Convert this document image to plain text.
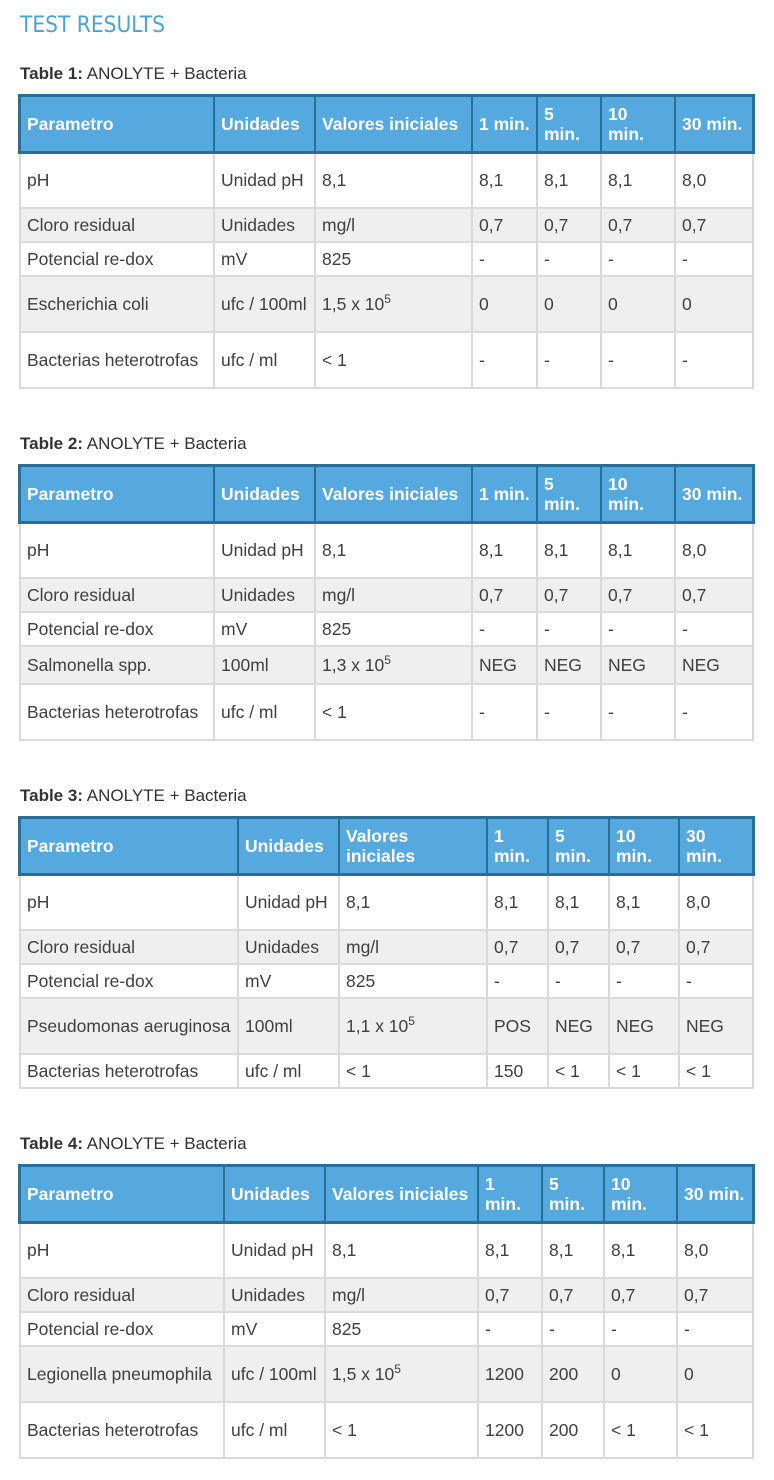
TEST RESULTS
Table 1: ANOLYTE + Bacteria
Parametro	Unidades	Valores iniciales	1 min.	5 min.	10 min.	30 min.
pH	Unidad pH	8,1	8,1	8,1	8,1	8,0
Cloro residual	Unidades	mg/l	0,7	0,7	0,7	0,7
Potencial re-dox	mV	825	-	-	-	-
Escherichia coli	ufc / 100ml	1,5 x $10^5$	0	0	0	0
Bacterias heterotrofas	ufc / ml	< 1	-	-	-	-
Table 2: ANOLYTE + Bacteria
Parametro	Unidades	Valores iniciales	1 min.	5 min.	10 min.	30 min.
pH	Unidad pH	8,1	8,1	8,1	8,1	8,0
Cloro residual	Unidades	mg/l	0,7	0,7	0,7	0,7
Potencial re-dox	mV	825	-	-	-	-
Salmonella spp.	100ml	1,3 x $10^5$	NEG	NEG	NEG	NEG
Bacterias heterotrofas	ufc / ml	< 1	-	-	-	-
Table 3: ANOLYTE + Bacteria
Parametro	Unidades	Valores iniciales	1 min.	5 min.	10 min.	30 min.
pH	Unidad pH	8,1	8,1	8,1	8,1	8,0
Cloro residual	Unidades	mg/l	0,7	0,7	0,7	0,7
Potencial re-dox	mV	825	-	-	-	-
Pseudomonas aeruginosa	100ml	1,1 x $10^5$	POS	NEG	NEG	NEG
Bacterias heterotrofas	ufc / ml	< 1	150	< 1	< 1	< 1
Table 4: ANOLYTE + Bacteria
Parametro	Unidades	Valores iniciales	1 min.	5 min.	10 min.	30 min.
pH	Unidad pH	8,1	8,1	8,1	8,1	8,0
Cloro residual	Unidades	mg/l	0,7	0,7	0,7	0,7
Potencial re-dox	mV	825	-	-	-	-
Legionella pneumophila	ufc / 100ml	1,5 x $10^5$	1200	200	0	0
Bacterias heterotrofas	ufc / ml	< 1	1200	200	< 1	< 1
